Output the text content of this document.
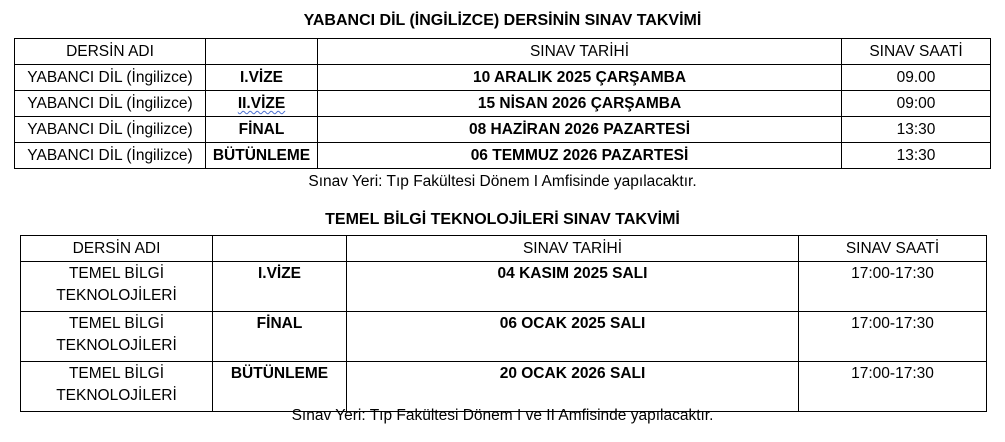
YABANCI DİL (İNGİLİZCE) DERSİNİN SINAV TAKVİMİ
DERSİN ADI		SINAV TARİHİ	SINAV SAATİ
YABANCI DİL (İngilizce)	I.VİZE	10 ARALIK 2025 ÇARŞAMBA	09.00
YABANCI DİL (İngilizce)	II.VİZE	15 NİSAN 2026 ÇARŞAMBA	09:00
YABANCI DİL (İngilizce)	FİNAL	08 HAZİRAN 2026 PAZARTESİ	13:30
YABANCI DİL (İngilizce)	BÜTÜNLEME	06 TEMMUZ 2026 PAZARTESİ	13:30
Sınav Yeri: Tıp Fakültesi Dönem I Amfisinde yapılacaktır.
TEMEL BİLGİ TEKNOLOJİLERİ SINAV TAKVİMİ
DERSİN ADI		SINAV TARİHİ	SINAV SAATİ
TEMEL BİLGİ TEKNOLOJİLERİ	I.VİZE	04 KASIM 2025 SALI	17:00-17:30
TEMEL BİLGİ TEKNOLOJİLERİ	FİNAL	06 OCAK 2025 SALI	17:00-17:30
TEMEL BİLGİ TEKNOLOJİLERİ	BÜTÜNLEME	20 OCAK 2026 SALI	17:00-17:30
Sınav Yeri: Tıp Fakültesi Dönem I ve II Amfisinde yapılacaktır.
